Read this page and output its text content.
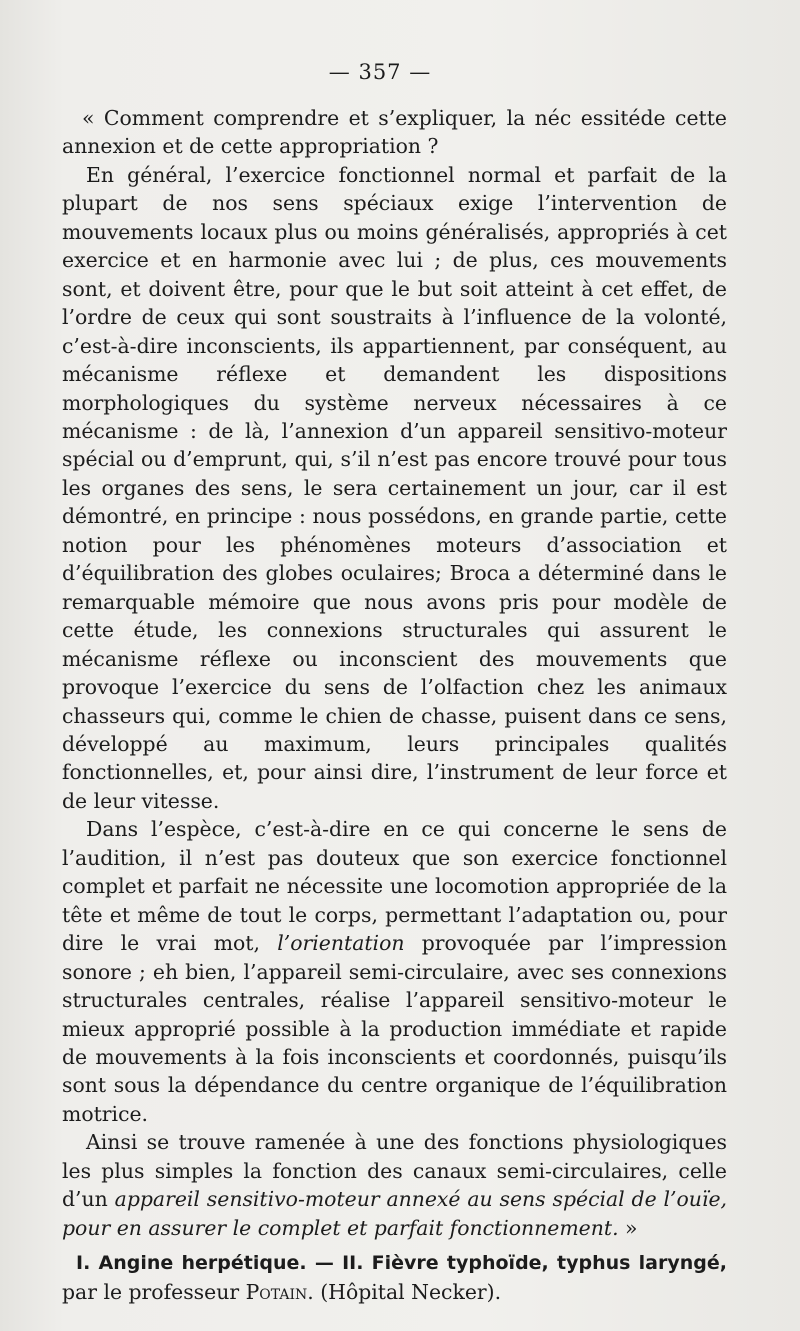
— 357 —

« Comment comprendre et s’expliquer, la néc essitéde cette annexion et de cette appropriation ?

En général, l’exercice fonctionnel normal et parfait de la plupart de nos sens spéciaux exige l’intervention de mouvements locaux plus ou moins généralisés, appropriés à cet exercice et en harmonie avec lui ; de plus, ces mouvements sont, et doivent être, pour que le but soit atteint à cet effet, de l’ordre de ceux qui sont soustraits à l’influence de la volonté, c’est-à-dire inconscients, ils appartiennent, par conséquent, au mécanisme réflexe et demandent les dispositions morphologiques du système nerveux nécessaires à ce mécanisme : de là, l’annexion d’un appareil sensitivo-moteur spécial ou d’emprunt, qui, s’il n’est pas encore trouvé pour tous les organes des sens, le sera certainement un jour, car il est démontré, en principe : nous possédons, en grande partie, cette notion pour les phénomènes moteurs d’association et d’équilibration des globes oculaires; Broca a déterminé dans le remarquable mémoire que nous avons pris pour modèle de cette étude, les connexions structurales qui assurent le mécanisme réflexe ou inconscient des mouvements que provoque l’exercice du sens de l’olfaction chez les animaux chasseurs qui, comme le chien de chasse, puisent dans ce sens, développé au maximum, leurs principales qualités fonctionnelles, et, pour ainsi dire, l’instrument de leur force et de leur vitesse.

Dans l’espèce, c’est-à-dire en ce qui concerne le sens de l’audition, il n’est pas douteux que son exercice fonctionnel complet et parfait ne nécessite une locomotion appropriée de la tête et même de tout le corps, permettant l’adaptation ou, pour dire le vrai mot, l’orientation provoquée par l’impression sonore ; eh bien, l’appareil semi-circulaire, avec ses connexions structurales centrales, réalise l’appareil sensitivo-moteur le mieux approprié possible à la production immédiate et rapide de mouvements à la fois inconscients et coordonnés, puisqu’ils sont sous la dépendance du centre organique de l’équilibration motrice.

Ainsi se trouve ramenée à une des fonctions physiologiques les plus simples la fonction des canaux semi-circulaires, celle d’un appareil sensitivo-moteur annexé au sens spécial de l’ouïe, pour en assurer le complet et parfait fonctionnement. »

I. Angine herpétique. — II. Fièvre typhoïde, typhus laryngé, par le professeur Potain. (Hôpital Necker).
